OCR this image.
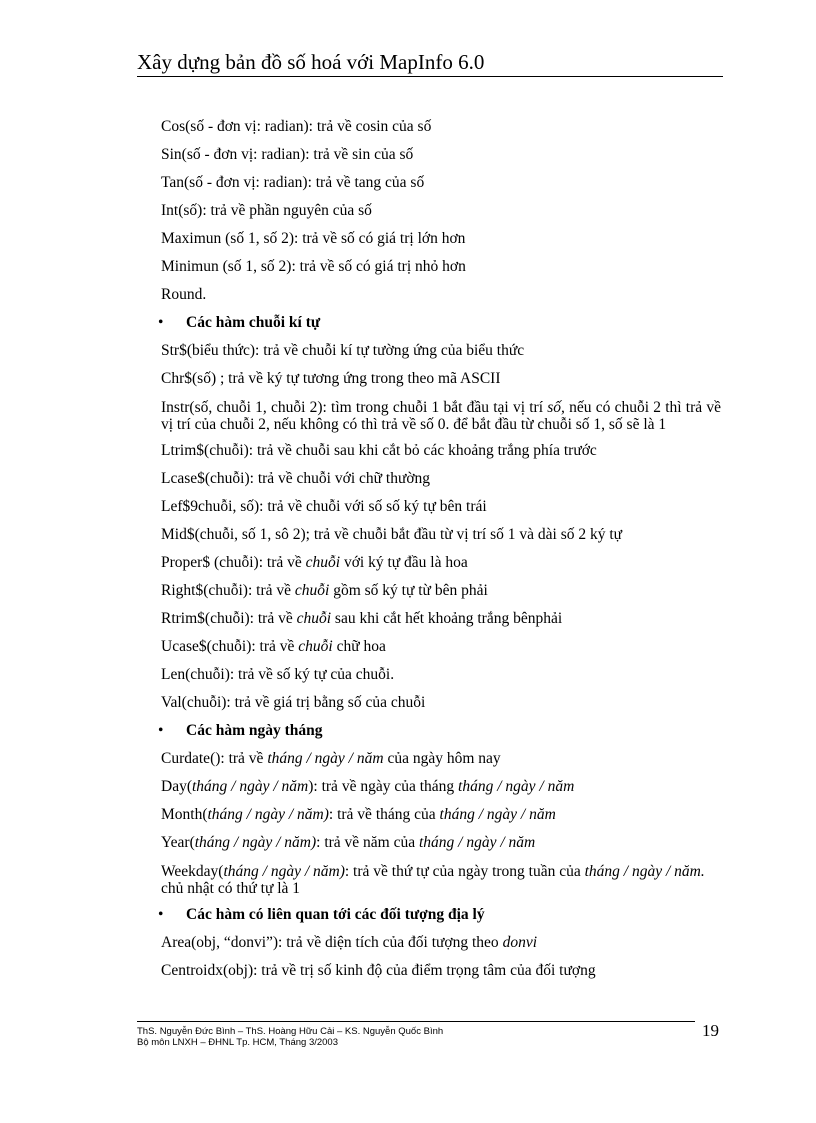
Xây dựng bản đồ số hoá với MapInfo 6.0
Cos(số - đơn vị: radian): trả về cosin của số
Sin(số - đơn vị: radian): trả về sin của số
Tan(số - đơn vị: radian): trả về tang của số
Int(số): trả về phần nguyên của số
Maximun (số 1, số 2): trả về số có giá trị lớn hơn
Minimun (số 1, số 2): trả về số có giá trị nhỏ hơn
Round.
• Các hàm chuỗi kí tự
Str$(biểu thức): trả về chuỗi kí tự tường ứng của biểu thức
Chr$(số) ; trả về ký tự tương ứng trong theo mã ASCII
Instr(số, chuỗi 1, chuỗi 2): tìm trong chuỗi 1 bắt đầu tại vị trí số, nếu có chuỗi 2 thì trả về vị trí của chuỗi 2, nếu không có thì trả về số 0. để bắt đầu từ chuỗi số 1, số sẽ là 1
Ltrim$(chuỗi): trả về chuỗi sau khi cắt bỏ các khoảng trắng phía trước
Lcase$(chuỗi): trả về chuỗi với chữ thường
Lef$9chuỗi, số): trả về chuỗi với số số ký tự bên trái
Mid$(chuỗi, số 1, sô 2); trả về chuỗi bắt đầu từ vị trí số 1 và dài số 2 ký tự
Proper$ (chuỗi): trả về chuỗi với ký tự đầu là hoa
Right$(chuỗi): trả về chuỗi gồm số ký tự từ bên phải
Rtrim$(chuỗi): trả về chuỗi sau khi cắt hết khoảng trắng bênphải
Ucase$(chuỗi): trả về chuỗi chữ hoa
Len(chuỗi): trả về số ký tự của chuỗi.
Val(chuỗi): trả về giá trị bằng số của chuỗi
• Các hàm ngày tháng
Curdate(): trả về tháng / ngày / năm của ngày hôm nay
Day(tháng / ngày / năm): trả về ngày của tháng tháng / ngày / năm
Month(tháng / ngày / năm): trả về tháng của tháng / ngày / năm
Year(tháng / ngày / năm): trả về năm của tháng / ngày / năm
Weekday(tháng / ngày / năm): trả về thứ tự của ngày trong tuần của tháng / ngày / năm. chủ nhật có thứ tự là 1
• Các hàm có liên quan tới các đối tượng địa lý
Area(obj, “donvi”): trả về diện tích của đối tượng theo donvi
Centroidx(obj): trả về trị số kinh độ của điểm trọng tâm của đối tượng
ThS. Nguyễn Đức Bình – ThS. Hoàng Hữu Cải – KS. Nguyễn Quốc Bình
Bộ môn LNXH – ĐHNL Tp. HCM, Tháng 3/2003
19
